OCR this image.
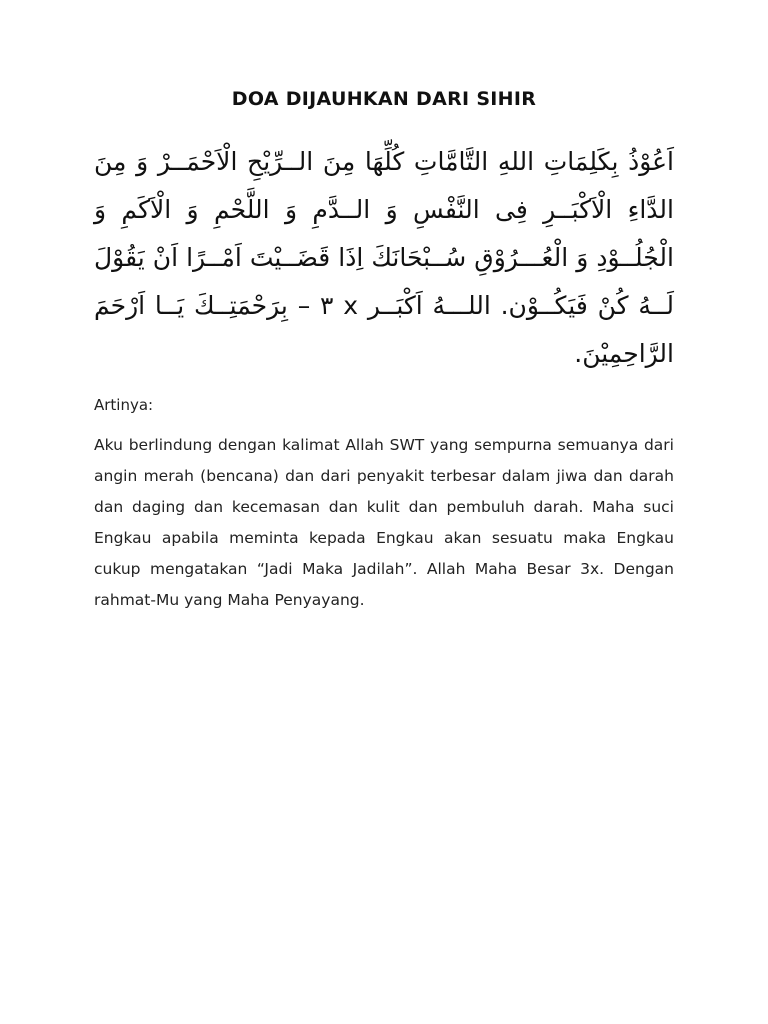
DOA DIJAUHKAN DARI SIHIR

اَعُوْذُ بِكَلِمَاتِ اللهِ التَّامَّاتِ كُلِّهَا مِنَ الــرِّيْحِ الْاَحْمَــرْ وَ مِنَ الدَّاءِ الْاَكْبَــرِ فِى النَّفْسِ وَ الــدَّمِ وَ اللَّحْمِ وَ الْاَكَمِ وَ الْجُلُــوْدِ وَ الْعُـــرُوْقِ سُــبْحَانَكَ اِذَا قَضَــيْتَ اَمْــرًا اَنْ يَقُوْلَ لَــهُ كُنْ فَيَكُــوْن. اللـــهُ اَكْبَــر x ٣ – بِرَحْمَتِــكَ يَــا اَرْحَمَ الرَّاحِمِيْنَ.

Artinya:

Aku berlindung dengan kalimat Allah SWT yang sempurna semuanya dari angin merah (bencana) dan dari penyakit terbesar dalam jiwa dan darah dan daging dan kecemasan dan kulit dan pembuluh darah. Maha suci Engkau apabila meminta kepada Engkau akan sesuatu maka Engkau cukup mengatakan “Jadi Maka Jadilah”. Allah Maha Besar 3x. Dengan rahmat-Mu yang Maha Penyayang.
